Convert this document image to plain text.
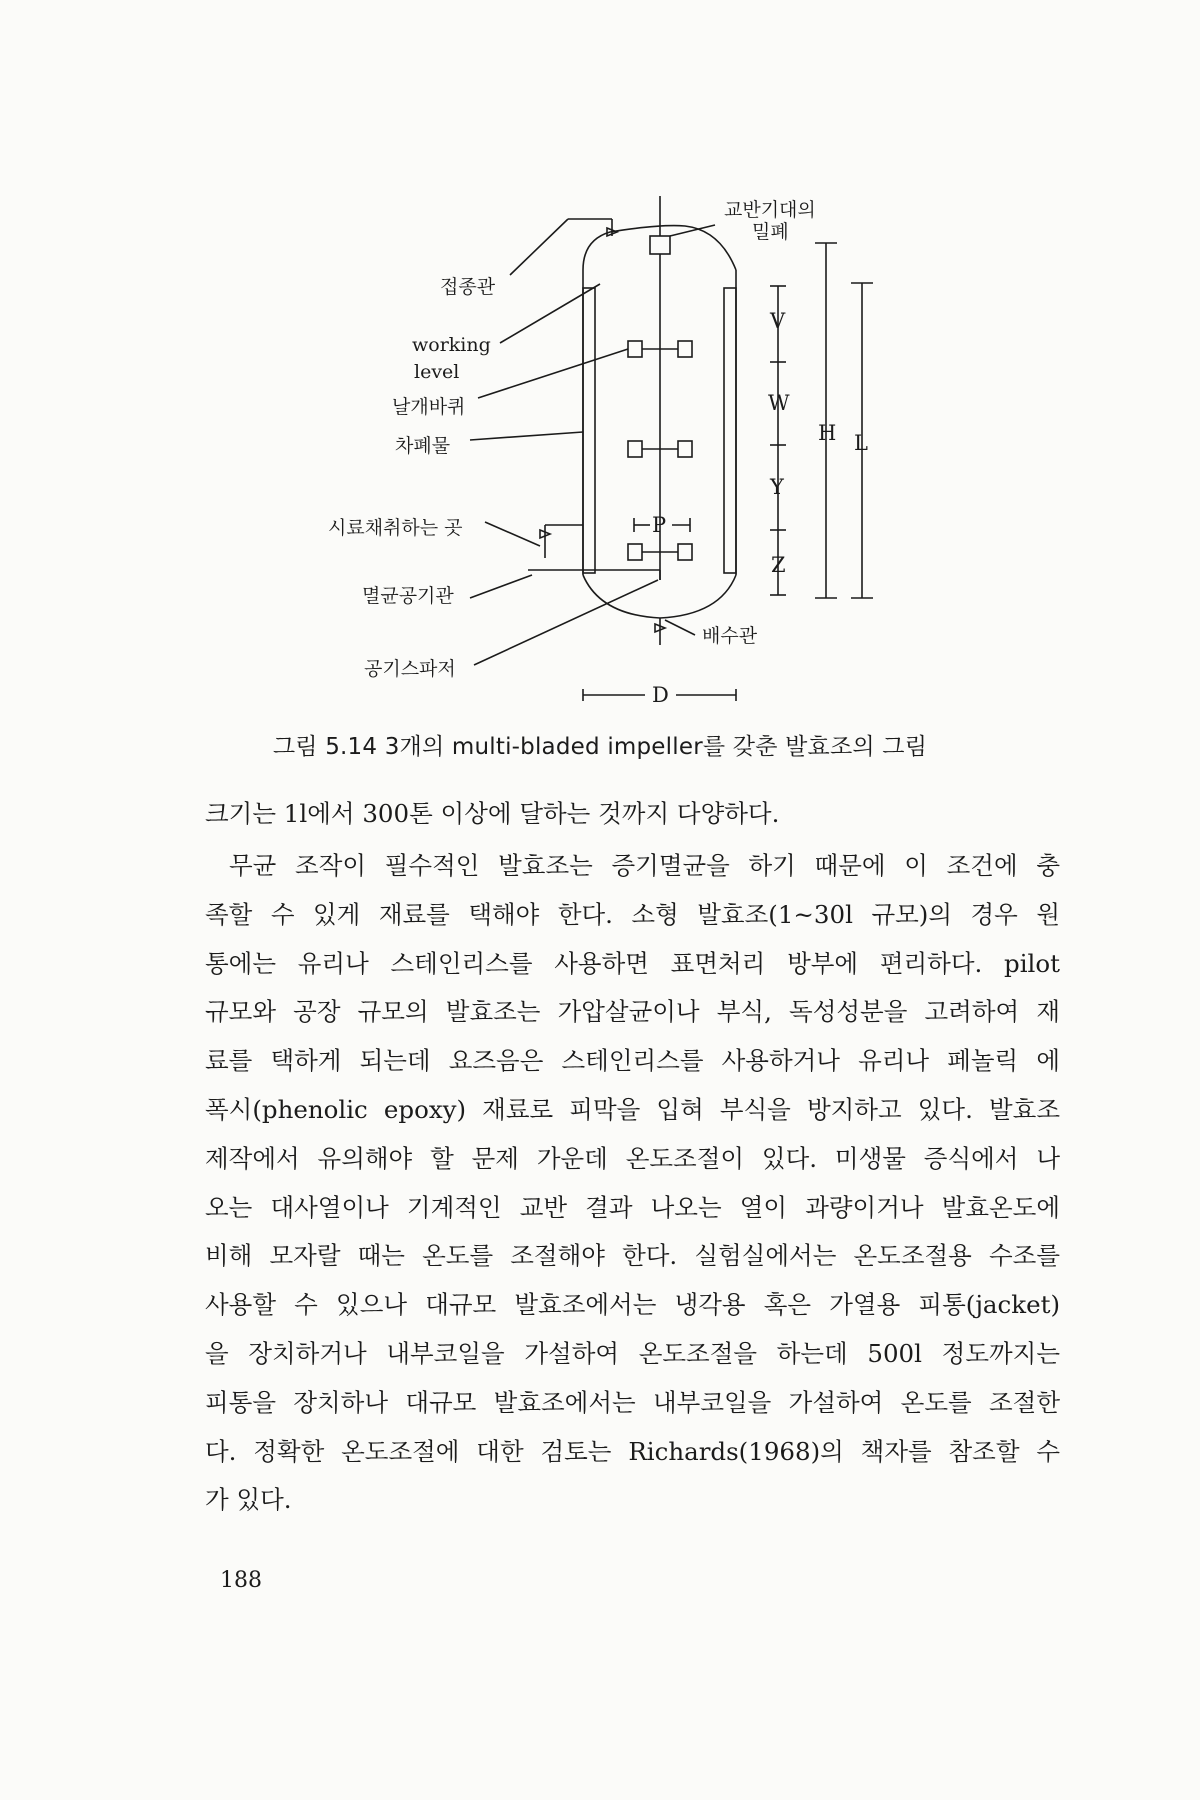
교반기대의
밀폐
접종관
working
level
날개바퀴
차폐물
시료채취하는 곳
멸균공기관
공기스파저
배수관
V
W
Y
Z
H L
D
P
그림 5.14 3개의 multi-bladed impeller를 갖춘 발효조의 그림
크기는 1l에서 300톤 이상에 달하는 것까지 다양하다.
무균 조작이 필수적인 발효조는 증기멸균을 하기 때문에 이 조건에 충
족할 수 있게 재료를 택해야 한다. 소형 발효조(1~30l 규모)의 경우 원
통에는 유리나 스테인리스를 사용하면 표면처리 방부에 편리하다. pilot
규모와 공장 규모의 발효조는 가압살균이나 부식, 독성성분을 고려하여 재
료를 택하게 되는데 요즈음은 스테인리스를 사용하거나 유리나 페놀릭 에
폭시(phenolic epoxy) 재료로 피막을 입혀 부식을 방지하고 있다. 발효조
제작에서 유의해야 할 문제 가운데 온도조절이 있다. 미생물 증식에서 나
오는 대사열이나 기계적인 교반 결과 나오는 열이 과량이거나 발효온도에
비해 모자랄 때는 온도를 조절해야 한다. 실험실에서는 온도조절용 수조를
사용할 수 있으나 대규모 발효조에서는 냉각용 혹은 가열용 피통(jacket)
을 장치하거나 내부코일을 가설하여 온도조절을 하는데 500l 정도까지는
피통을 장치하나 대규모 발효조에서는 내부코일을 가설하여 온도를 조절한
다. 정확한 온도조절에 대한 검토는 Richards(1968)의 책자를 참조할 수
가 있다.
188
